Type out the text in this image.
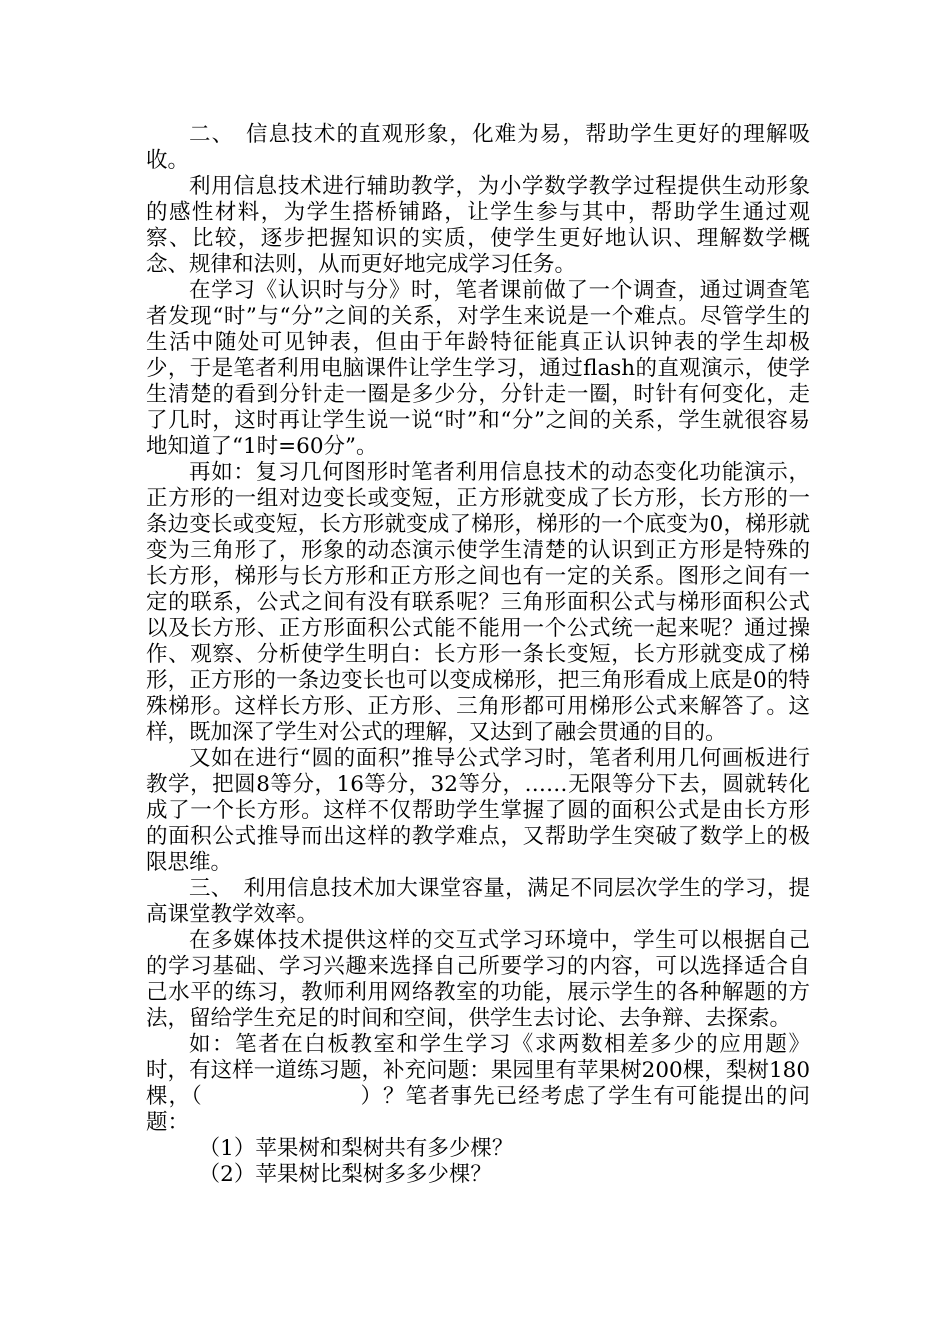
二、　信息技术的直观形象，化难为易，帮助学生更好的理解吸收。

利用信息技术进行辅助教学，为小学数学教学过程提供生动形象的感性材料，为学生搭桥铺路，让学生参与其中，帮助学生通过观察、比较，逐步把握知识的实质，使学生更好地认识、理解数学概念、规律和法则，从而更好地完成学习任务。

在学习《认识时与分》时，笔者课前做了一个调查，通过调查笔者发现“时”与“分”之间的关系，对学生来说是一个难点。尽管学生的生活中随处可见钟表，但由于年龄特征能真正认识钟表的学生却极少，于是笔者利用电脑课件让学生学习，通过flash的直观演示，使学生清楚的看到分针走一圈是多少分，分针走一圈，时针有何变化，走了几时，这时再让学生说一说“时”和“分”之间的关系，学生就很容易地知道了“1时=60分”。

再如：复习几何图形时笔者利用信息技术的动态变化功能演示，正方形的一组对边变长或变短，正方形就变成了长方形，长方形的一条边变长或变短，长方形就变成了梯形，梯形的一个底变为0，梯形就变为三角形了，形象的动态演示使学生清楚的认识到正方形是特殊的长方形，梯形与长方形和正方形之间也有一定的关系。图形之间有一定的联系，公式之间有没有联系呢？三角形面积公式与梯形面积公式以及长方形、正方形面积公式能不能用一个公式统一起来呢？通过操作、观察、分析使学生明白：长方形一条长变短，长方形就变成了梯形，正方形的一条边变长也可以变成梯形，把三角形看成上底是0的特殊梯形。这样长方形、正方形、三角形都可用梯形公式来解答了。这样，既加深了学生对公式的理解，又达到了融会贯通的目的。

又如在进行“圆的面积”推导公式学习时，笔者利用几何画板进行教学，把圆8等分，16等分，32等分，……无限等分下去，圆就转化成了一个长方形。这样不仅帮助学生掌握了圆的面积公式是由长方形的面积公式推导而出这样的教学难点，又帮助学生突破了数学上的极限思维。

三、　利用信息技术加大课堂容量，满足不同层次学生的学习，提高课堂教学效率。

在多媒体技术提供这样的交互式学习环境中，学生可以根据自己的学习基础、学习兴趣来选择自己所要学习的内容，可以选择适合自己水平的练习，教师利用网络教室的功能，展示学生的各种解题的方法，留给学生充足的时间和空间，供学生去讨论、去争辩、去探索。

如：笔者在白板教室和学生学习《求两数相差多少的应用题》时，有这样一道练习题，补充问题：果园里有苹果树200棵，梨树180棵，（　　　　　　　）？笔者事先已经考虑了学生有可能提出的问题：

（1）苹果树和梨树共有多少棵？

（2）苹果树比梨树多多少棵？
